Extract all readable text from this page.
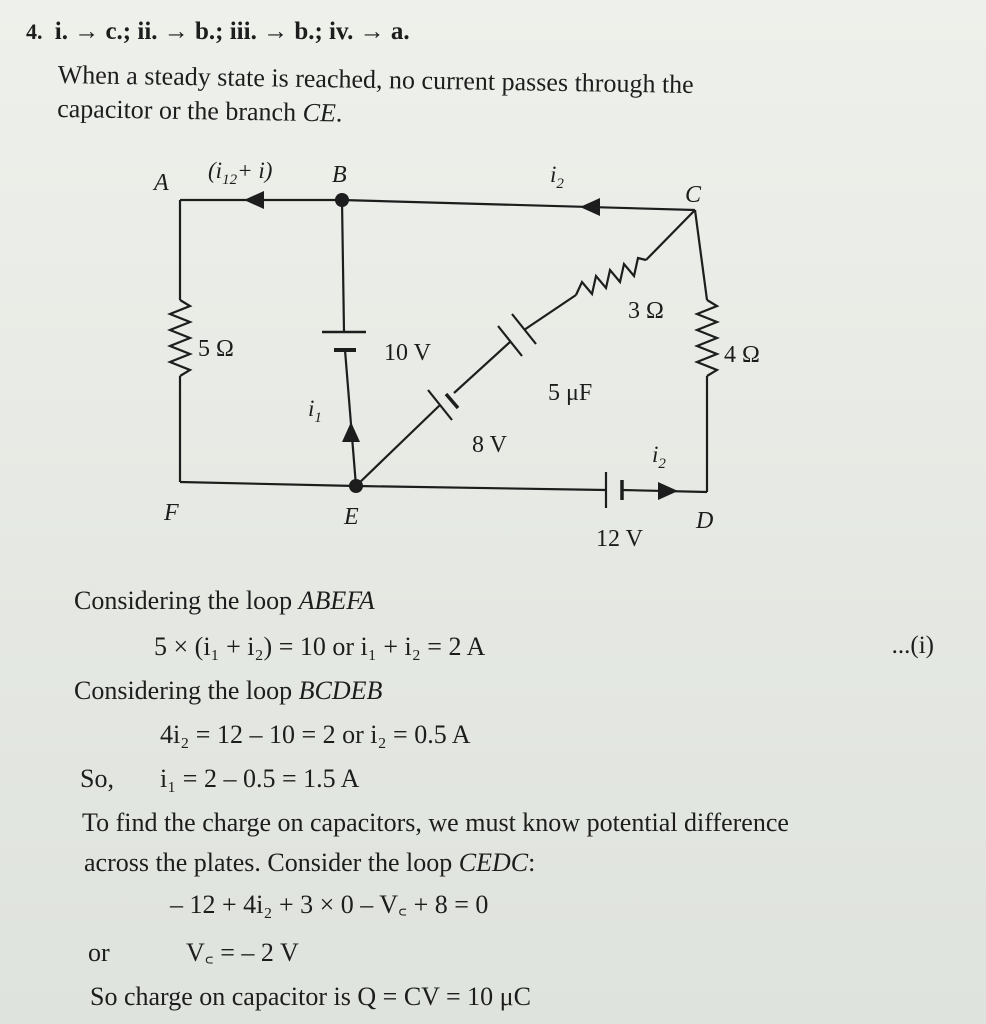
4. i. → c.; ii. → b.; iii. → b.; iv. → a.
When a steady state is reached, no current passes through the
capacitor or the branch CE.
A	B
C
D
E
F
$(i_{12}+ i)$	$i_2$
$i_1$
$i_2$
5 Ω	4 Ω
3 Ω
10 V
8 V
5 μF
12 V
Considering the loop ABEFA
5 × (i₁ + i₂) = 10 or i₁ + i₂ = 2 A	...(i)
Considering the loop BCDEB
4i₂ = 12 – 10 = 2 or i₂ = 0.5 A
So, i₁ = 2 – 0.5 = 1.5 A
To find the charge on capacitors, we must know potential difference
across the plates. Consider the loop CEDC:
– 12 + 4i₂ + 3 × 0 – V꜀ + 8 = 0
or	V꜀ = – 2 V
So charge on capacitor is Q = CV = 10 μC
